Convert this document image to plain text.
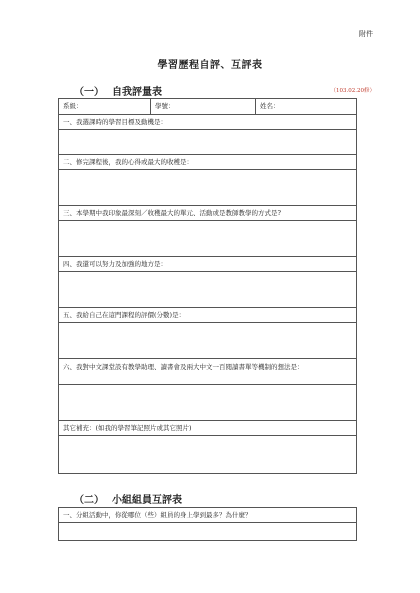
附件
學習歷程自評、互評表
（一） 自我評量表	（103.02.20修）
系級：	學號：	姓名：
一、我選課時的學習目標及動機是：

二、修完課程後，我的心得或最大的收穫是：

三、本學期中我印象最深刻／收穫最大的單元、活動或是教師教學的方式是?

四、我還可以努力及加強的地方是：

五、我給自己在這門課程的評價(分數)是：

六、我對中文課堂設有教學助理、讀書會及兩大中文一百閱讀書單等機制的想法是：

其它補充：(如我的學習筆記照片或其它照片)

（二） 小組組員互評表
一、分組活動中，你從哪位（些）組員的身上學到最多？為什麼？
